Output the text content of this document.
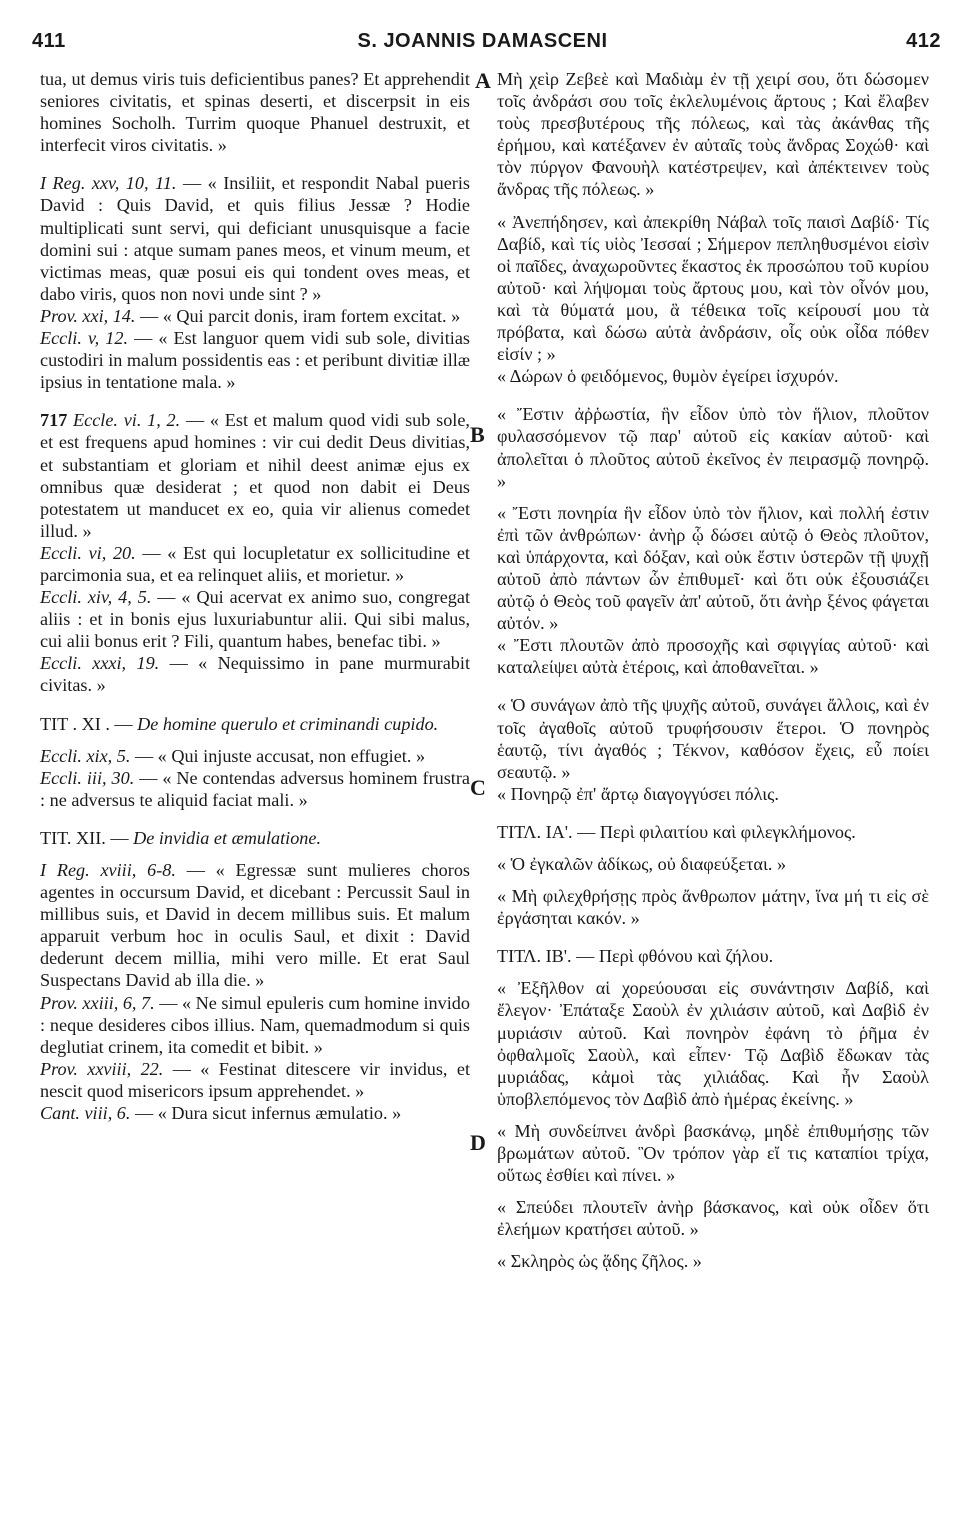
411	S. JOANNIS DAMASCENI	412
A
B
C
D

tua, ut demus viris tuis deficientibus panes? Et apprehendit seniores civitatis, et spinas deserti, et discerpsit in eis homines Socholh. Turrim quoque Phanuel destruxit, et interfecit viros civitatis. »

I Reg. xxv, 10, 11. — « Insiliit, et respondit Nabal pueris David : Quis David, et quis filius Jessæ ? Hodie multiplicati sunt servi, qui deficiant unusquisque a facie domini sui : atque sumam panes meos, et vinum meum, et victimas meas, quæ posui eis qui tondent oves meas, et dabo viris, quos non novi unde sint ? »

Prov. xxi, 14. — « Qui parcit donis, iram fortem excitat. »

Eccli. v, 12. — « Est languor quem vidi sub sole, divitias custodiri in malum possidentis eas : et peribunt divitiæ illæ ipsius in tentatione mala. »

717 Eccle. vi. 1, 2. — « Est et malum quod vidi sub sole, et est frequens apud homines : vir cui dedit Deus divitias, et substantiam et gloriam et nihil deest animæ ejus ex omnibus quæ desiderat ; et quod non dabit ei Deus potestatem ut manducet ex eo, quia vir alienus comedet illud. »

Eccli. vi, 20. — « Est qui locupletatur ex sollicitudine et parcimonia sua, et ea relinquet aliis, et morietur. »

Eccli. xiv, 4, 5. — « Qui acervat ex animo suo, congregat aliis : et in bonis ejus luxuriabuntur alii. Qui sibi malus, cui alii bonus erit ? Fili, quantum habes, benefac tibi. »

Eccli. xxxi, 19. — « Nequissimo in pane murmurabit civitas. »

TIT . XI . — De homine querulo et criminandi cupido.

Eccli. xix, 5. — « Qui injuste accusat, non effugiet. »

Eccli. iii, 30. — « Ne contendas adversus hominem frustra : ne adversus te aliquid faciat mali. »

TIT. XII. — De invidia et æmulatione.

I Reg. xviii, 6-8. — « Egressæ sunt mulieres choros agentes in occursum David, et dicebant : Percussit Saul in millibus suis, et David in decem millibus suis. Et malum apparuit verbum hoc in oculis Saul, et dixit : David dederunt decem millia, mihi vero mille. Et erat Saul Suspectans David ab illa die. »

Prov. xxiii, 6, 7. — « Ne simul epuleris cum homine invido : neque desideres cibos illius. Nam, quemadmodum si quis deglutiat crinem, ita comedit et bibit. »

Prov. xxviii, 22. — « Festinat ditescere vir invidus, et nescit quod misericors ipsum apprehendet. »

Cant. viii, 6. — « Dura sicut infernus æmulatio. »

Μὴ χεὶρ Ζεβεὲ καὶ Μαδιὰμ ἐν τῇ χειρί σου, ὅτι δώσομεν τοῖς ἀνδράσι σου τοῖς ἐκλελυμένοις ἄρτους ; Καὶ ἔλαβεν τοὺς πρεσβυτέρους τῆς πόλεως, καὶ τὰς ἀκάνθας τῆς ἐρήμου, καὶ κατέξανεν ἐν αὐταῖς τοὺς ἄνδρας Σοχώθ· καὶ τὸν πύργον Φανουὴλ κατέστρεψεν, καὶ ἀπέκτεινεν τοὺς ἄνδρας τῆς πόλεως. »

« Ἀνεπήδησεν, καὶ ἀπεκρίθη Νάβαλ τοῖς παισὶ Δαβίδ· Τίς Δαβίδ, καὶ τίς υἱὸς Ἰεσσαί ; Σήμερον πεπληθυσμένοι εἰσὶν οἱ παῖδες, ἀναχωροῦντες ἕκαστος ἐκ προσώπου τοῦ κυρίου αὐτοῦ· καὶ λήψομαι τοὺς ἄρτους μου, καὶ τὸν οἶνόν μου, καὶ τὰ θύματά μου, ἃ τέθεικα τοῖς κείρουσί μου τὰ πρόβατα, καὶ δώσω αὐτὰ ἀνδράσιν, οἷς οὐκ οἶδα πόθεν εἰσίν ; »

« Δώρων ὁ φειδόμενος, θυμὸν ἐγείρει ἰσχυρόν.

« Ἔστιν ἀῤῥωστία, ἣν εἶδον ὑπὸ τὸν ἥλιον, πλοῦτον φυλασσόμενον τῷ παρ' αὐτοῦ εἰς κακίαν αὐτοῦ· καὶ ἀπολεῖται ὁ πλοῦτος αὐτοῦ ἐκεῖνος ἐν πειρασμῷ πονηρῷ. »

« Ἔστι πονηρία ἣν εἶδον ὑπὸ τὸν ἥλιον, καὶ πολλή ἐστιν ἐπὶ τῶν ἀνθρώπων· ἀνὴρ ᾧ δώσει αὐτῷ ὁ Θεὸς πλοῦτον, καὶ ὑπάρχοντα, καὶ δόξαν, καὶ οὐκ ἔστιν ὑστερῶν τῇ ψυχῇ αὐτοῦ ἀπὸ πάντων ὧν ἐπιθυμεῖ· καὶ ὅτι οὐκ ἐξουσιάζει αὐτῷ ὁ Θεὸς τοῦ φαγεῖν ἀπ' αὐτοῦ, ὅτι ἀνὴρ ξένος φάγεται αὐτόν. »

« Ἔστι πλουτῶν ἀπὸ προσοχῆς καὶ σφιγγίας αὐτοῦ· καὶ καταλείψει αὐτὰ ἑτέροις, καὶ ἀποθανεῖται. »

« Ὁ συνάγων ἀπὸ τῆς ψυχῆς αὐτοῦ, συνάγει ἄλλοις, καὶ ἐν τοῖς ἀγαθοῖς αὐτοῦ τρυφήσουσιν ἕτεροι. Ὁ πονηρὸς ἑαυτῷ, τίνι ἀγαθός ; Τέκνον, καθόσον ἔχεις, εὖ ποίει σεαυτῷ. »

« Πονηρῷ ἐπ' ἄρτῳ διαγογγύσει πόλις.

ΤΙΤΛ. ΙΑ'. — Περὶ φιλαιτίου καὶ φιλεγκλήμονος.

« Ὁ ἐγκαλῶν ἀδίκως, οὐ διαφεύξεται. »

« Μὴ φιλεχθρήσῃς πρὸς ἄνθρωπον μάτην, ἵνα μή τι εἰς σὲ ἐργάσηται κακόν. »

ΤΙΤΛ. ΙΒ'. — Περὶ φθόνου καὶ ζήλου.

« Ἐξῆλθον αἱ χορεύουσαι εἰς συνάντησιν Δαβίδ, καὶ ἔλεγον· Ἐπάταξε Σαοὺλ ἐν χιλιάσιν αὐτοῦ, καὶ Δαβὶδ ἐν μυριάσιν αὐτοῦ. Καὶ πονηρὸν ἐφάνη τὸ ῥῆμα ἐν ὀφθαλμοῖς Σαοὺλ, καὶ εἶπεν· Τῷ Δαβὶδ ἔδωκαν τὰς μυριάδας, κἀμοὶ τὰς χιλιάδας. Καὶ ἦν Σαοὺλ ὑποβλεπόμενος τὸν Δαβὶδ ἀπὸ ἡμέρας ἐκείνης. »

« Μὴ συνδείπνει ἀνδρὶ βασκάνῳ, μηδὲ ἐπιθυμήσῃς τῶν βρωμάτων αὐτοῦ. Ὃν τρόπον γὰρ εἴ τις καταπίοι τρίχα, οὕτως ἐσθίει καὶ πίνει. »

« Σπεύδει πλουτεῖν ἀνὴρ βάσκανος, καὶ οὐκ οἶδεν ὅτι ἐλεήμων κρατήσει αὐτοῦ. »

« Σκληρὸς ὡς ᾅδης ζῆλος. »
